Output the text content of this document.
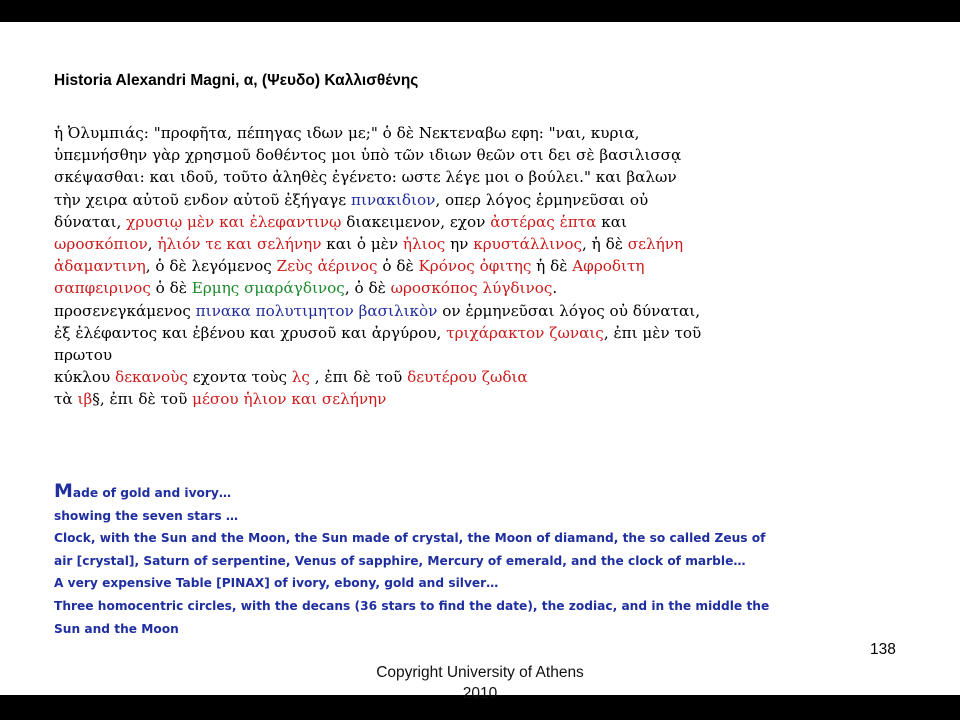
Historia Alexandri Magni, α, (Ψευδο) Καλλισθένης
ἡ Ὀλυμπιάς: "προφῆτα, πέπηγας ιδων με;" ὁ δὲ Νεκτεναβω εφη: "ναι, κυρια,
ὑπεμνήσθην γὰρ χρησμοῦ δοθέντος μοι ὑπὸ τῶν ιδιων θεῶν οτι δει σὲ βασιλισσᾳ
σκέψασθαι: και ιδοῦ, τοῦτο ἀληθὲς ἐγένετο: ωστε λέγε μοι ο βούλει." και βαλων
τὴν χειρα αὐτοῦ ενδον αὐτοῦ ἐξήγαγε πινακιδιον, οπερ λόγος ἑρμηνεῦσαι οὐ
δύναται, χρυσιῳ μὲν και ἐλεφαντινῳ διακειμενον, εχον ἀστέρας ἑπτα και
ωροσκόπιον, ἡλιόν τε και σελήνην και ὁ μὲν ἡλιος ην κρυστάλλινος, ἡ δὲ σελήνη
ἀδαμαντινη, ὁ δὲ λεγόμενος Ζεὺς ἀέρινος ὁ δὲ Κρόνος ὀφιτης ἡ δὲ Αφροδιτη
σαπφειρινος ὁ δὲ Ερμης σμαράγδινος, ὁ δὲ ωροσκόπος λύγδινος.
προσενεγκάμενος πινακα πολυτιμητον βασιλικὸν ον ἑρμηνεῦσαι λόγος οὐ δύναται,
ἐξ ἐλέφαντος και ἐβένου και χρυσοῦ και ἀργύρου, τριχάρακτον ζωναις, ἐπι μὲν τοῦ
πρωτου
κύκλου δεκανοὺς εχοντα τοὺς λς , ἐπι δὲ τοῦ δευτέρου ζωδια
τὰ ιβ§, ἐπι δὲ τοῦ μέσου ἡλιον και σελήνην
Made of gold and ivory…
showing the seven stars …
Clock, with the Sun and the Moon, the Sun made of crystal, the Moon of diamand, the so called Zeus of
air [crystal], Saturn of serpentine, Venus of sapphire, Mercury of emerald, and the clock of marble…
A very expensive Table [PINAX] of ivory, ebony, gold and silver…
Three homocentric circles, with the decans (36 stars to find the date), the zodiac, and in the middle the
Sun and the Moon
Copyright University of Athens
2010
138
